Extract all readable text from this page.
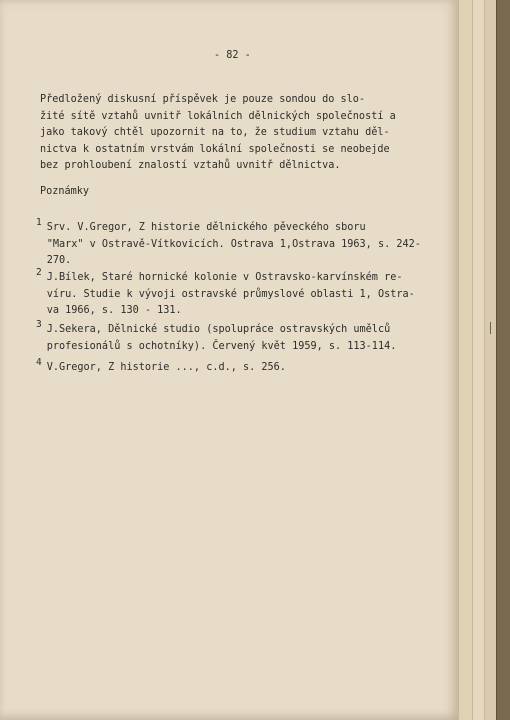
- 82 -
Předložený diskusní příspěvek je pouze sondou do slo-
žité sítě vztahů uvnitř lokálních dělnických společností a
jako takový chtěl upozornit na to, že studium vztahu děl-
nictva k ostatním vrstvám lokální společnosti se neobejde
bez prohloubení znalostí vztahů uvnitř dělnictva.
Poznámky
1 Srv. V.Gregor, Z historie dělnického pěveckého sboru
"Marx" v Ostravě-Vítkovicích. Ostrava 1,Ostrava 1963, s. 242-
270.
2 J.Bílek, Staré hornické kolonie v Ostravsko-karvínském re-
víru. Studie k vývoji ostravské průmyslové oblasti 1, Ostra-
va 1966, s. 130 - 131.
3 J.Sekera, Dělnické studio (spolupráce ostravských umělců
profesionálů s ochotníky). Červený květ 1959, s. 113-114.
4 V.Gregor, Z historie ..., c.d., s. 256.
